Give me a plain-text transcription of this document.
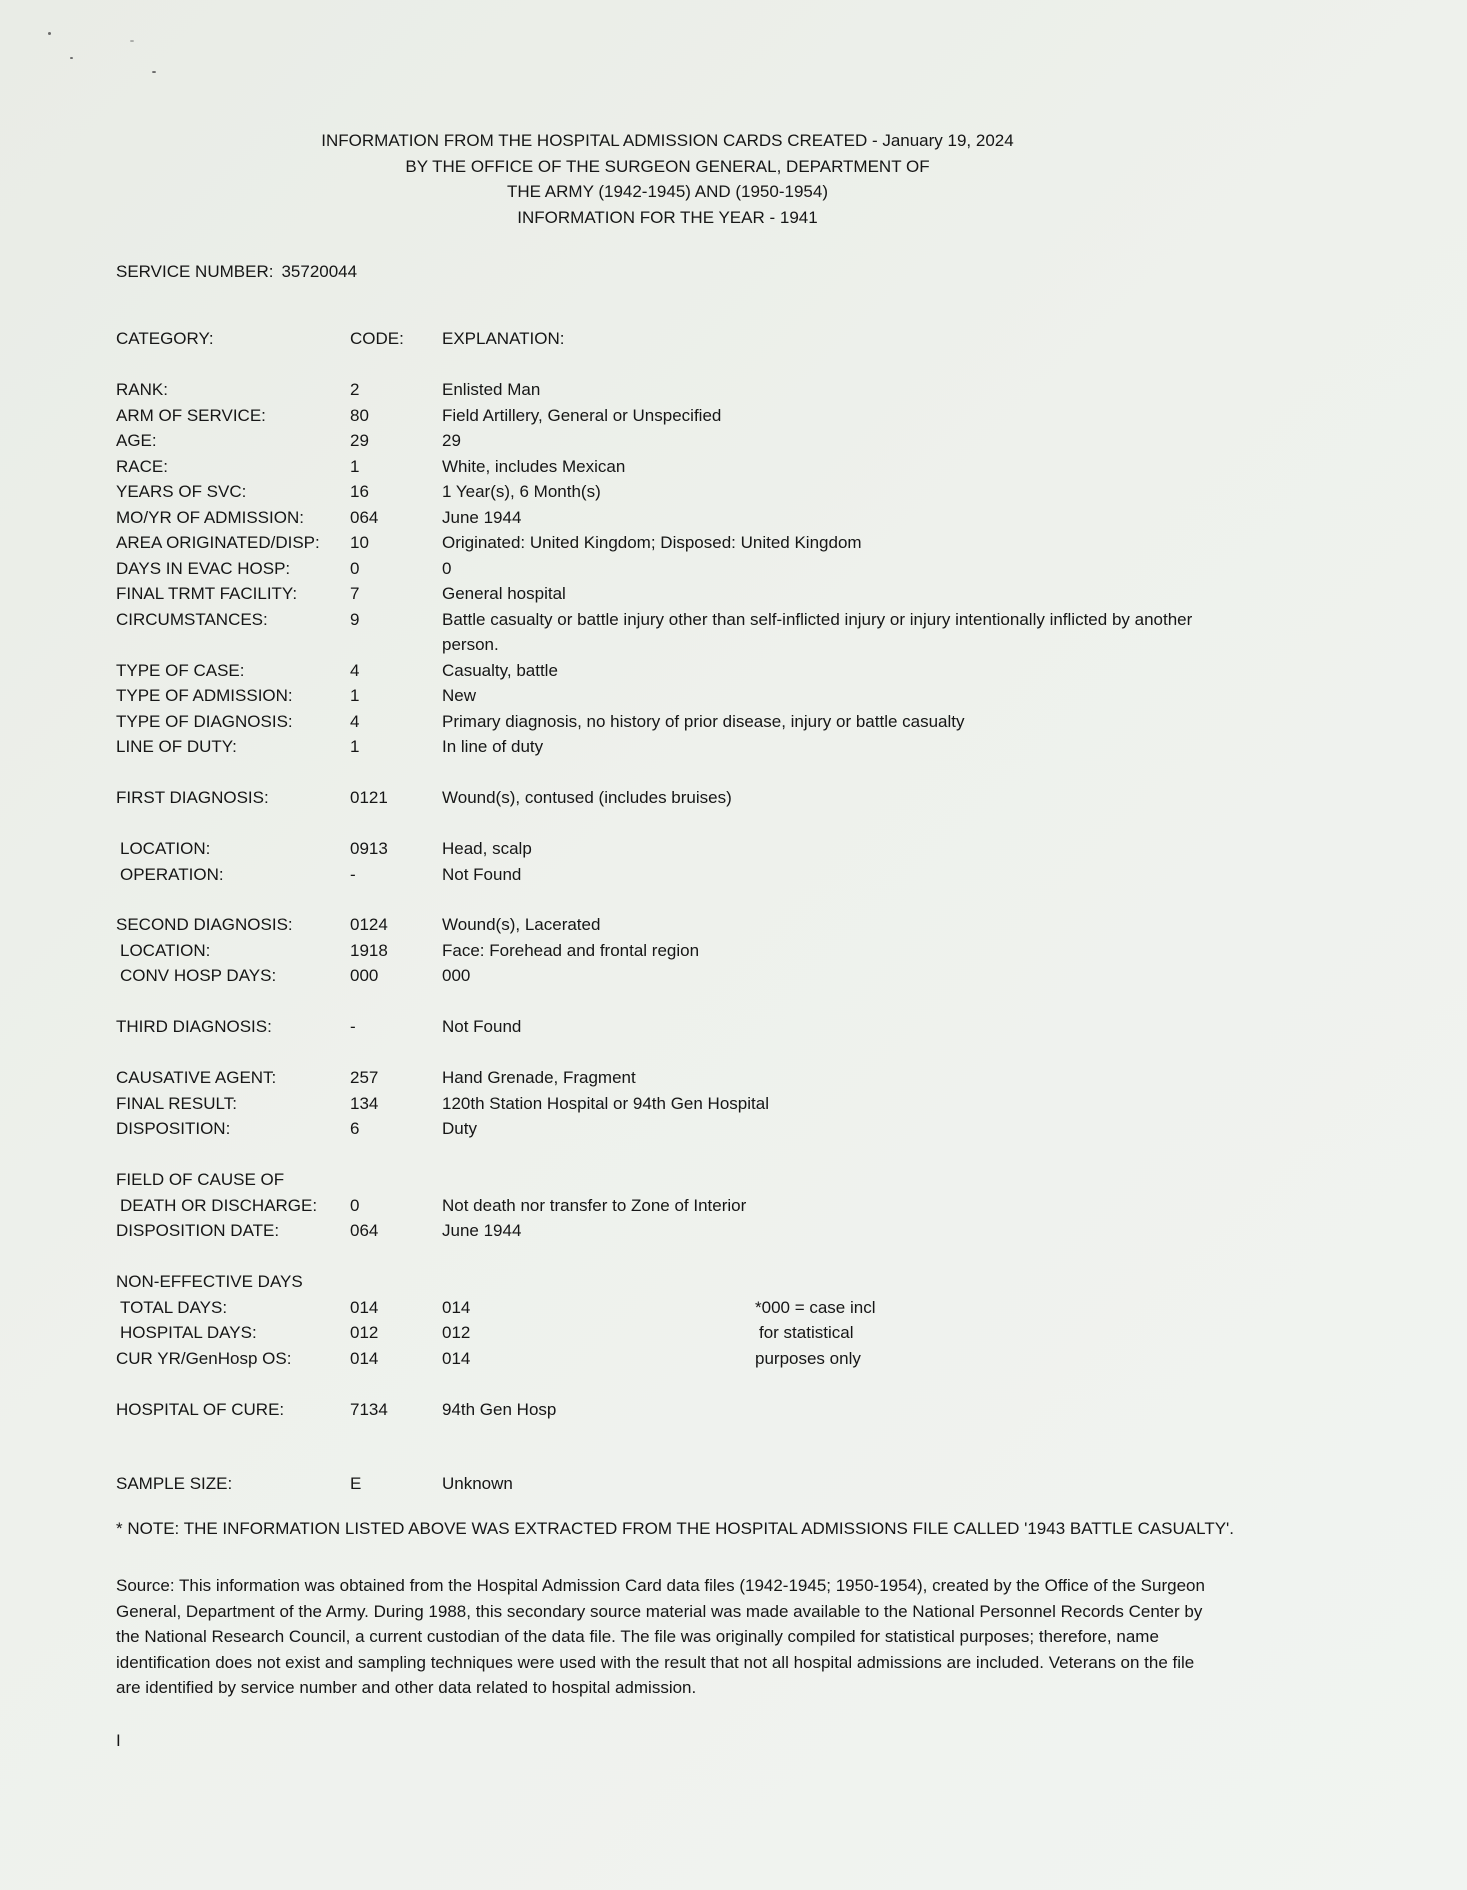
INFORMATION FROM THE HOSPITAL ADMISSION CARDS CREATED - January 19, 2024
BY THE OFFICE OF THE SURGEON GENERAL, DEPARTMENT OF
THE ARMY (1942-1945) AND (1950-1954)
INFORMATION FOR THE YEAR - 1941
SERVICE NUMBER: 35720044
CATEGORY:	CODE: EXPLANATION:
RANK:	2	Enlisted Man
ARM OF SERVICE:	80	Field Artillery, General or Unspecified
AGE:	29	29
RACE:	1	White, includes Mexican
YEARS OF SVC:	16	1 Year(s), 6 Month(s)
MO/YR OF ADMISSION:	064	June 1944
AREA ORIGINATED/DISP: 10	Originated: United Kingdom; Disposed: United Kingdom
DAYS IN EVAC HOSP:	0	0
FINAL TRMT FACILITY:	7	General hospital
CIRCUMSTANCES:	9	Battle casualty or battle injury other than self-inflicted injury or injury intentionally inflicted by another person.
TYPE OF CASE:	4	Casualty, battle
TYPE OF ADMISSION:	1	New
TYPE OF DIAGNOSIS:	4	Primary diagnosis, no history of prior disease, injury or battle casualty
LINE OF DUTY:	1	In line of duty
FIRST DIAGNOSIS:	0121	Wound(s), contused (includes bruises)
LOCATION:	0913	Head, scalp
OPERATION:	-	Not Found
SECOND DIAGNOSIS:	0124	Wound(s), Lacerated
LOCATION:	1918	Face: Forehead and frontal region
CONV HOSP DAYS:	000	000
THIRD DIAGNOSIS:	-	Not Found
CAUSATIVE AGENT:	257	Hand Grenade, Fragment
FINAL RESULT:	134	120th Station Hospital or 94th Gen Hospital
DISPOSITION:	6	Duty
FIELD OF CAUSE OF
DEATH OR DISCHARGE: 0	Not death nor transfer to Zone of Interior
DISPOSITION DATE:	064	June 1944
NON-EFFECTIVE DAYS
TOTAL DAYS:	014	014	*000 = case incl
HOSPITAL DAYS:	012	012	for statistical
CUR YR/GenHosp OS:	014	014	purposes only
HOSPITAL OF CURE:	7134	94th Gen Hosp
SAMPLE SIZE:	E	Unknown
* NOTE: THE INFORMATION LISTED ABOVE WAS EXTRACTED FROM THE HOSPITAL ADMISSIONS FILE CALLED '1943 BATTLE CASUALTY'.
Source: This information was obtained from the Hospital Admission Card data files (1942-1945; 1950-1954), created by the Office of the Surgeon General, Department of the Army. During 1988, this secondary source material was made available to the National Personnel Records Center by the National Research Council, a current custodian of the data file. The file was originally compiled for statistical purposes; therefore, name identification does not exist and sampling techniques were used with the result that not all hospital admissions are included. Veterans on the file are identified by service number and other data related to hospital admission.
I
